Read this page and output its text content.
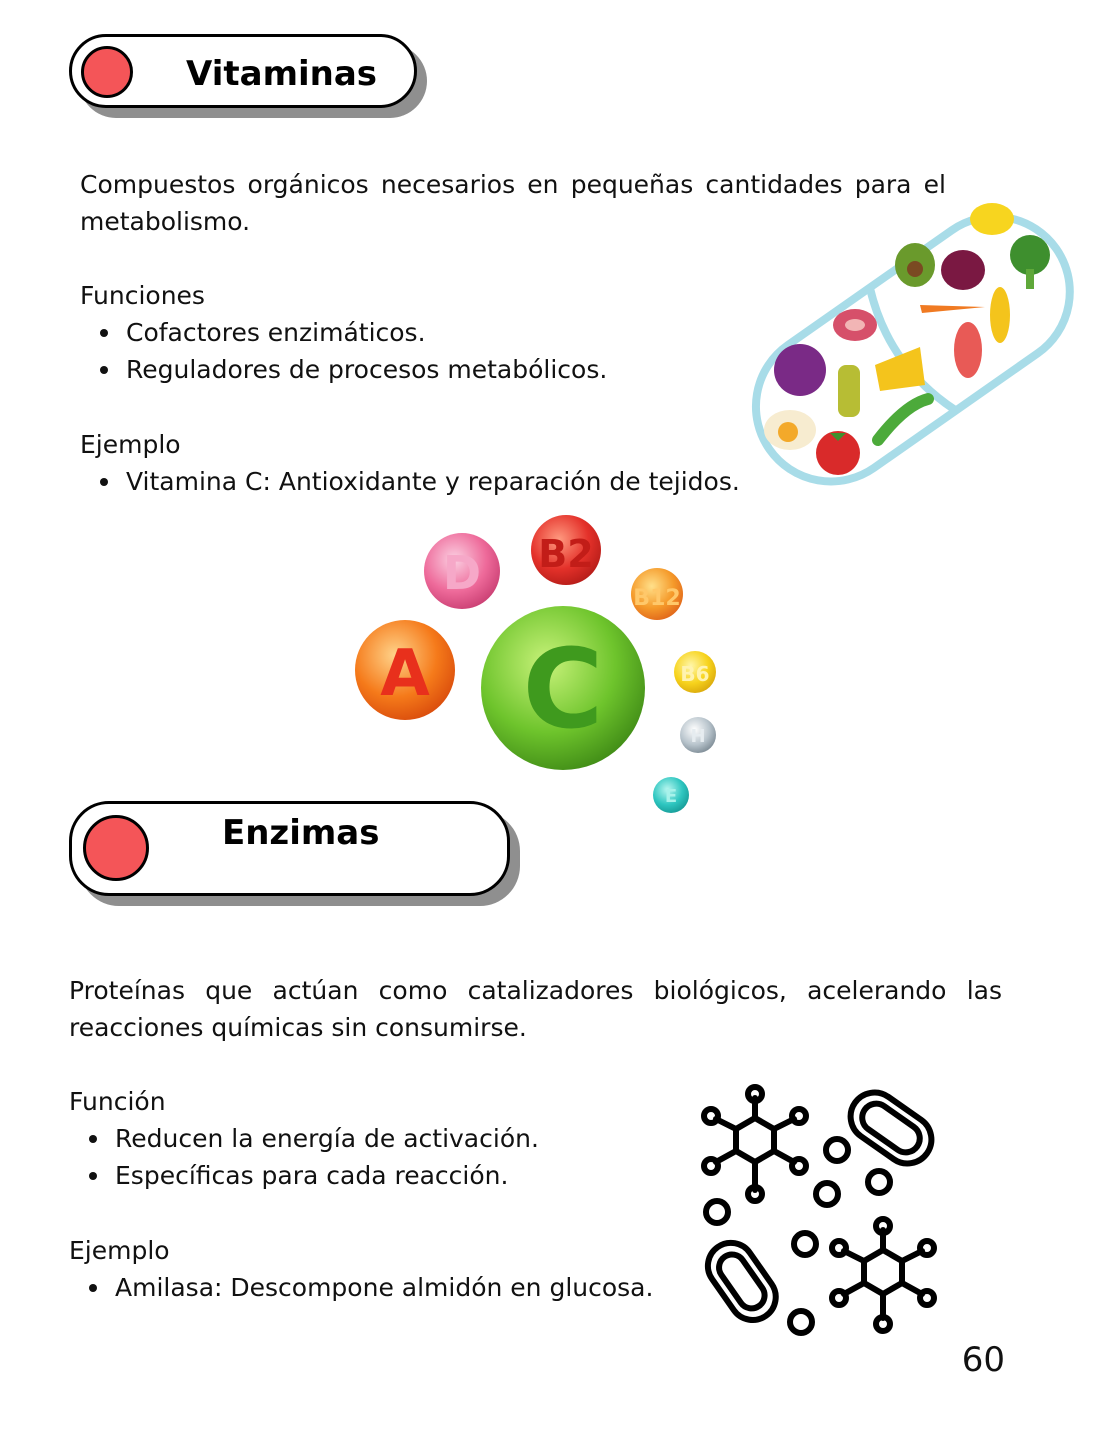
Vitaminas
Compuestos orgánicos necesarios en pequeñas cantidades para el metabolismo.
Funciones
Cofactores enzimáticos.
Reguladores de procesos metabólicos.
Ejemplo
Vitamina C: Antioxidante y reparación de tejidos.
D B2
B12
A C	B6
H
E
Enzimas
Proteínas que actúan como catalizadores biológicos, acelerando las reacciones químicas sin consumirse.
Función
Reducen la energía de activación.
Específicas para cada reacción.
Ejemplo
Amilasa: Descompone almidón en glucosa.
60
